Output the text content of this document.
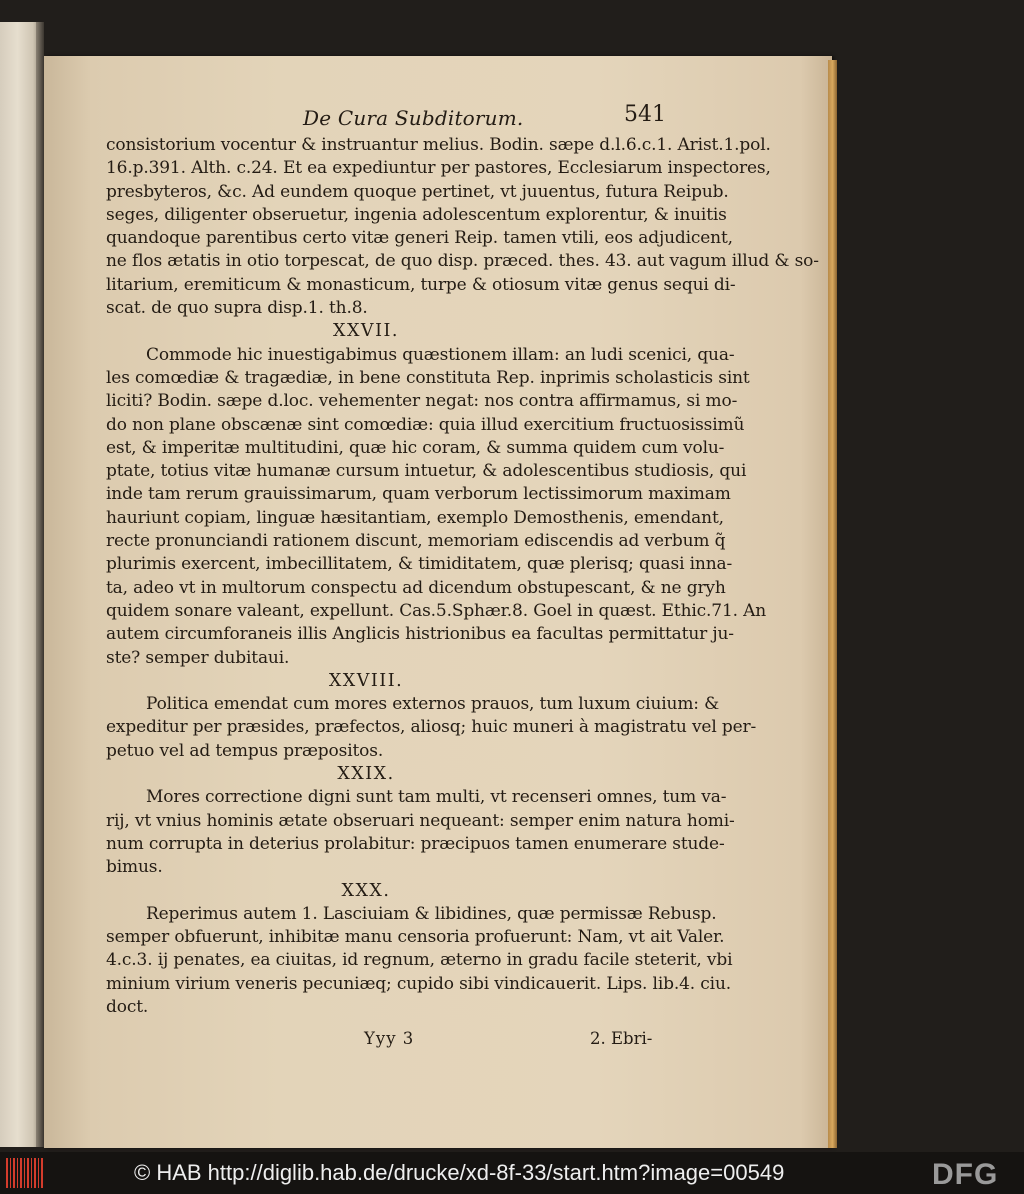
De Cura Subditorum.	541
consistorium vocentur & instruantur melius. Bodin. sæpe d.l.6.c.1. Arist.1.pol.
16.p.391. Alth. c.24. Et ea expediuntur per pastores, Ecclesiarum inspectores,
presbyteros, &c. Ad eundem quoque pertinet, vt juuentus, futura Reipub.
seges, diligenter obseruetur, ingenia adolescentum explorentur, & inuitis
quandoque parentibus certo vitæ generi Reip. tamen vtili, eos adjudicent,
ne flos ætatis in otio torpescat, de quo disp. præced. thes. 43. aut vagum illud & so-
litarium, eremiticum & monasticum, turpe & otiosum vitæ genus sequi di-
scat. de quo supra disp.1. th.8.
XXVII.
Commode hic inuestigabimus quæstionem illam: an ludi scenici, qua-
les comœdiæ & tragædiæ, in bene constituta Rep. inprimis scholasticis sint
liciti? Bodin. sæpe d.loc. vehementer negat: nos contra affirmamus, si mo-
do non plane obscænæ sint comœdiæ: quia illud exercitium fructuosissimũ
est, & imperitæ multitudini, quæ hic coram, & summa quidem cum volu-
ptate, totius vitæ humanæ cursum intuetur, & adolescentibus studiosis, qui
inde tam rerum grauissimarum, quam verborum lectissimorum maximam
hauriunt copiam, linguæ hæsitantiam, exemplo Demosthenis, emendant,
recte pronunciandi rationem discunt, memoriam ediscendis ad verbum q̃
plurimis exercent, imbecillitatem, & timiditatem, quæ plerisq; quasi inna-
ta, adeo vt in multorum conspectu ad dicendum obstupescant, & ne gryh
quidem sonare valeant, expellunt. Cas.5.Sphær.8. Goel in quæst. Ethic.71. An
autem circumforaneis illis Anglicis histrionibus ea facultas permittatur ju-
ste? semper dubitaui.
XXVIII.
Politica emendat cum mores externos prauos, tum luxum ciuium: &
expeditur per præsides, præfectos, aliosq; huic muneri à magistratu vel per-
petuo vel ad tempus præpositos.
XXIX.
Mores correctione digni sunt tam multi, vt recenseri omnes, tum va-
rij, vt vnius hominis ætate obseruari nequeant: semper enim natura homi-
num corrupta in deterius prolabitur: præcipuos tamen enumerare stude-
bimus.
XXX.
Reperimus autem 1. Lasciuiam & libidines, quæ permissæ Rebusp.
semper obfuerunt, inhibitæ manu censoria profuerunt: Nam, vt ait Valer.
4.c.3. ij penates, ea ciuitas, id regnum, æterno in gradu facile steterit, vbi
minium virium veneris pecuniæq; cupido sibi vindicauerit. Lips. lib.4. ciu.
doct.
Yyy 3	2. Ebri-
© HAB http://diglib.hab.de/drucke/xd-8f-33/start.htm?image=00549	DFG
